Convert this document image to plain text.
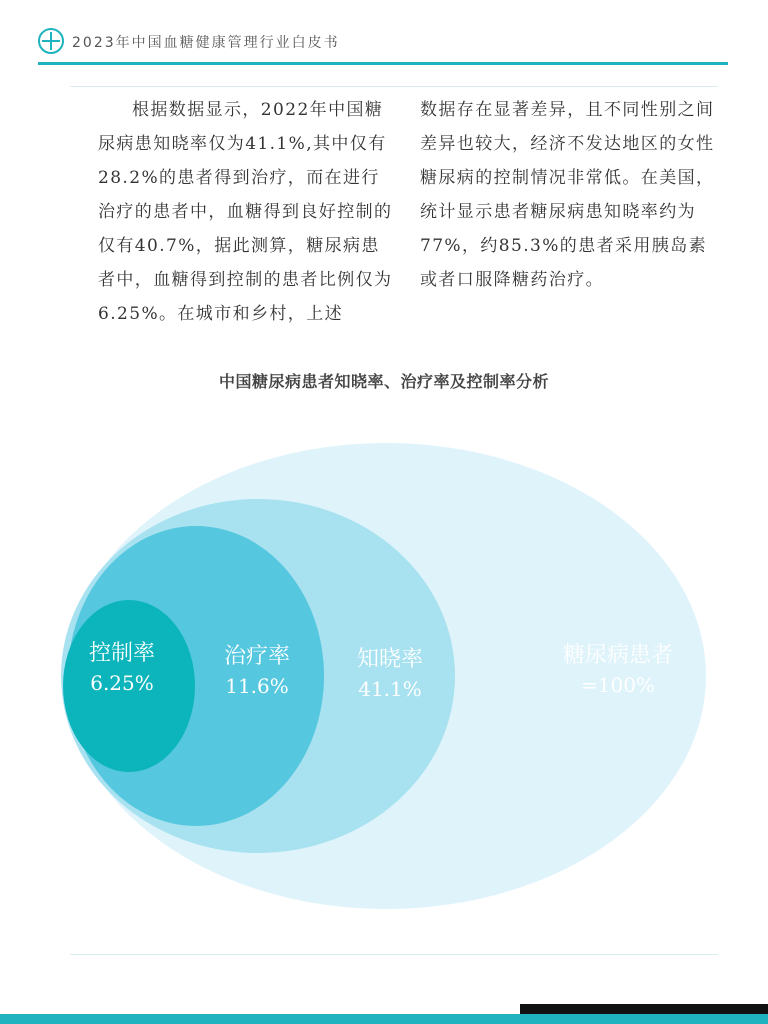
2023年中国血糖健康管理行业白皮书
根据数据显示，2022年中国糖尿病患知晓率仅为41.1%,其中仅有28.2%的患者得到治疗，而在进行治疗的患者中，血糖得到良好控制的仅有40.7%，据此测算，糖尿病患者中，血糖得到控制的患者比例仅为6.25%。在城市和乡村，上述
数据存在显著差异，且不同性别之间差异也较大，经济不发达地区的女性糖尿病的控制情况非常低。在美国，统计显示患者糖尿病患知晓率约为77%，约85.3%的患者采用胰岛素或者口服降糖药治疗。
中国糖尿病患者知晓率、治疗率及控制率分析
糖尿病患者
=100%
知晓率
41.1%
治疗率
11.6%
控制率
6.25%
